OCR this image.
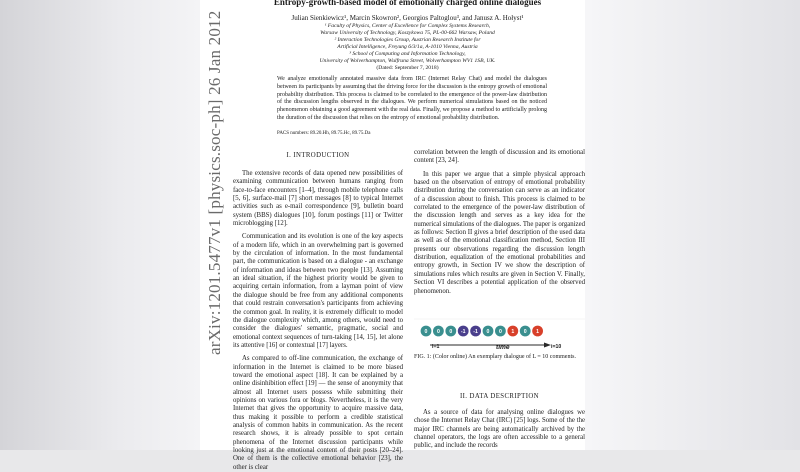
arXiv:1201.5477v1 [physics.soc-ph] 26 Jan 2012
Entropy-growth-based model of emotionally charged online dialogues
Julian Sienkiewicz¹, Marcin Skowron², Georgios Paltoglou³, and Janusz A. Hołyst¹
¹ Faculty of Physics, Center of Excellence for Complex Systems Research,
Warsaw University of Technology, Koszykowa 75, PL-00-662 Warsaw, Poland
² Interaction Technologies Group, Austrian Research Institute for
Artificial Intelligence, Freyung 6/3/1a, A-1010 Vienna, Austria
³ School of Computing and Information Technology,
University of Wolverhampton, Wulfruna Street, Wolverhampton WV1 1SB, UK.
(Dated: September 7, 2018)
We analyze emotionally annotated massive data from IRC (Internet Relay Chat) and model the dialogues between its participants by assuming that the driving force for the discussion is the entropy growth of emotional probability distribution. This process is claimed to be correlated to the emergence of the power-law distribution of the discussion lengths observed in the dialogues. We perform numerical simulations based on the noticed phenomenon obtaining a good agreement with the real data. Finally, we propose a method to artificially prolong the duration of the discussion that relies on the entropy of emotional probability distribution.
PACS numbers: 89.20.Hh, 89.75.Hc, 89.75.Da
I. INTRODUCTION

The extensive records of data opened new possibilities of examining communication between humans ranging from face-to-face encounters [1–4], through mobile telephone calls [5, 6], surface-mail [7] short messages [8] to typical Internet activities such as e-mail correspondence [9], bulletin board system (BBS) dialogues [10], forum postings [11] or Twitter microblogging [12].

Communication and its evolution is one of the key aspects of a modern life, which in an overwhelming part is governed by the circulation of information. In the most fundamental part, the communication is based on a dialogue - an exchange of information and ideas between two people [13]. Assuming an ideal situation, if the highest priority would be given to acquiring certain information, from a layman point of view the dialogue should be free from any additional components that could restrain conversation's participants from achieving the common goal. In reality, it is extremely difficult to model the dialogue complexity which, among others, would need to consider the dialogues' semantic, pragmatic, social and emotional context sequences of turn-taking [14, 15], let alone its attentive [16] or contextual [17] layers.

As compared to off-line communication, the exchange of information in the Internet is claimed to be more biased toward the emotional aspect [18]. It can be explained by a online disinhibition effect [19] — the sense of anonymity that almost all Internet users possess while submitting their opinions on various fora or blogs. Nevertheless, it is the very Internet that gives the opportunity to acquire massive data, thus making it possible to perform a credible statistical analysis of common habits in communication. As the recent research shows, it is already possible to spot certain phenomena of the Internet discussion participants while looking just at the emotional content of their posts [20–24]. One of them is the collective emotional behavior [23], the other is clear

correlation between the length of discussion and its emotional content [23, 24].

In this paper we argue that a simple physical approach based on the observation of entropy of emotional probability distribution during the conversation can serve as an indicator of a discussion about to finish. This process is claimed to be correlated to the emergence of the power-law distribution of the discussion length and serves as a key idea for the numerical simulations of the dialogues. The paper is organized as follows: Section II gives a brief description of the used data as well as of the emotional classification method, Section III presents our observations regarding the discussion length distribution, equalization of the emotional probabilities and entropy growth, in Section IV we show the description of simulations rules which results are given in Section V. Finally, Section VI describes a potential application of the observed phenomenon.

0 0 0 -1 -1 0 0 1 0 1
i=1	time	i=10
FIG. 1: (Color online) An exemplary dialogue of L = 10 comments.
II. DATA DESCRIPTION

As a source of data for analysing online dialogues we chose the Internet Relay Chat (IRC) [25] logs. Some of the the major IRC channels are being automatically archived by the channel operators, the logs are often accessible to a general public, and include the records
